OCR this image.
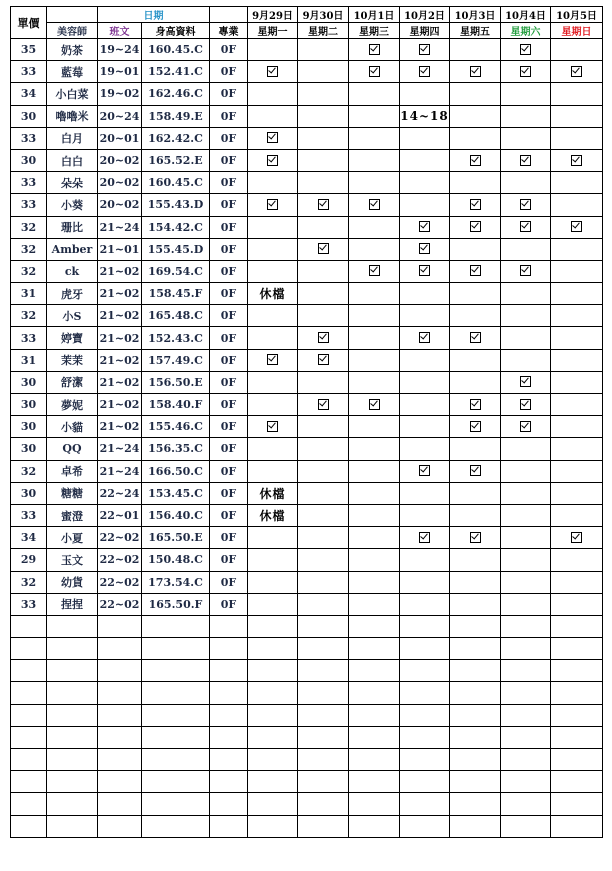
單價		日期			9月29日	9月30日	10月1日	10月2日	10月3日	10月4日	10月5日
	美容師	班文	身高資料	專業	星期一	星期二	星期三	星期四	星期五	星期六	星期日
35	奶茶	19~24	160.45.C	0F							
33	藍莓	19~01	152.41.C	0F							
34	小白菜	19~02	162.46.C	0F							
30	嚕嚕米	20~24	158.49.E	0F				14~18			
33	白月	20~01	162.42.C	0F							
30	白白	20~02	165.52.E	0F							
33	朵朵	20~02	160.45.C	0F							
33	小葵	20~02	155.43.D	0F							
32	珊比	21~24	154.42.C	0F							
32	Amber	21~01	155.45.D	0F							
32	ck	21~02	169.54.C	0F							
31	虎牙	21~02	158.45.F	0F	休檔						
32	小S	21~02	165.48.C	0F							
33	婷寶	21~02	152.43.C	0F							
31	茉茉	21~02	157.49.C	0F							
30	舒潔	21~02	156.50.E	0F							
30	夢妮	21~02	158.40.F	0F							
30	小貓	21~02	155.46.C	0F							
30	QQ	21~24	156.35.C	0F							
32	卓希	21~24	166.50.C	0F							
30	糖糖	22~24	153.45.C	0F	休檔						
33	蜜澄	22~01	156.40.C	0F	休檔						
34	小夏	22~02	165.50.E	0F							
29	玉文	22~02	150.48.C	0F							
32	幼貨	22~02	173.54.C	0F							
33	捏捏	22~02	165.50.F	0F							
